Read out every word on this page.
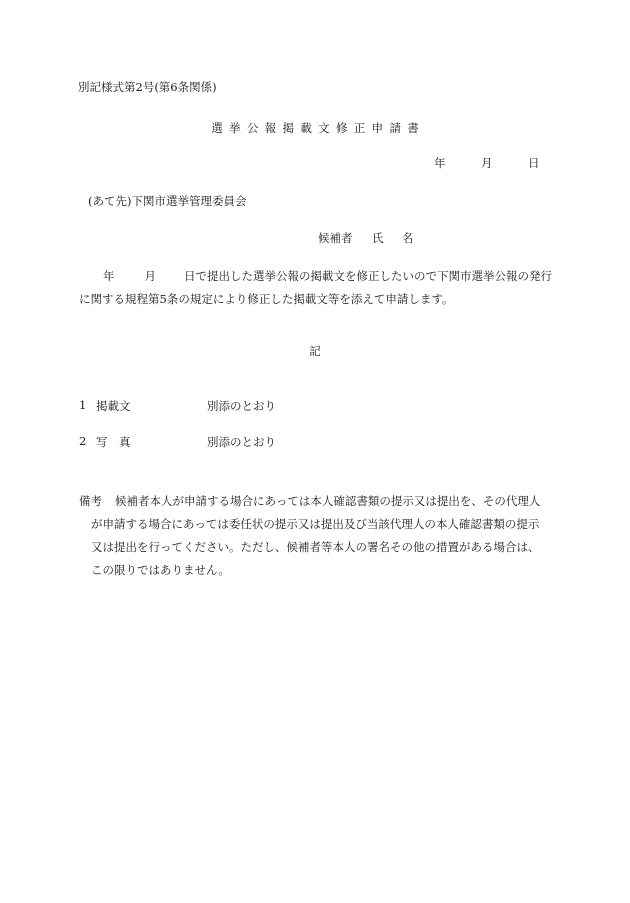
別記様式第2号(第6条関係)
選挙公報掲載文修正申請書
年	月	日
(あて先)下関市選挙管理委員会
候補者 氏名
年	月 日で提出した選挙公報の掲載文を修正したいので下関市選挙公報の発行
に関する規程第5条の規定により修正した掲載文等を添えて申請します。
記
1 掲載文	別添のとおり
2 写　真	別添のとおり
備考 候補者本人が申請する場合にあっては本人確認書類の提示又は提出を、その代理人
が申請する場合にあっては委任状の提示又は提出及び当該代理人の本人確認書類の提示
又は提出を行ってください。ただし、候補者等本人の署名その他の措置がある場合は、
この限りではありません。
